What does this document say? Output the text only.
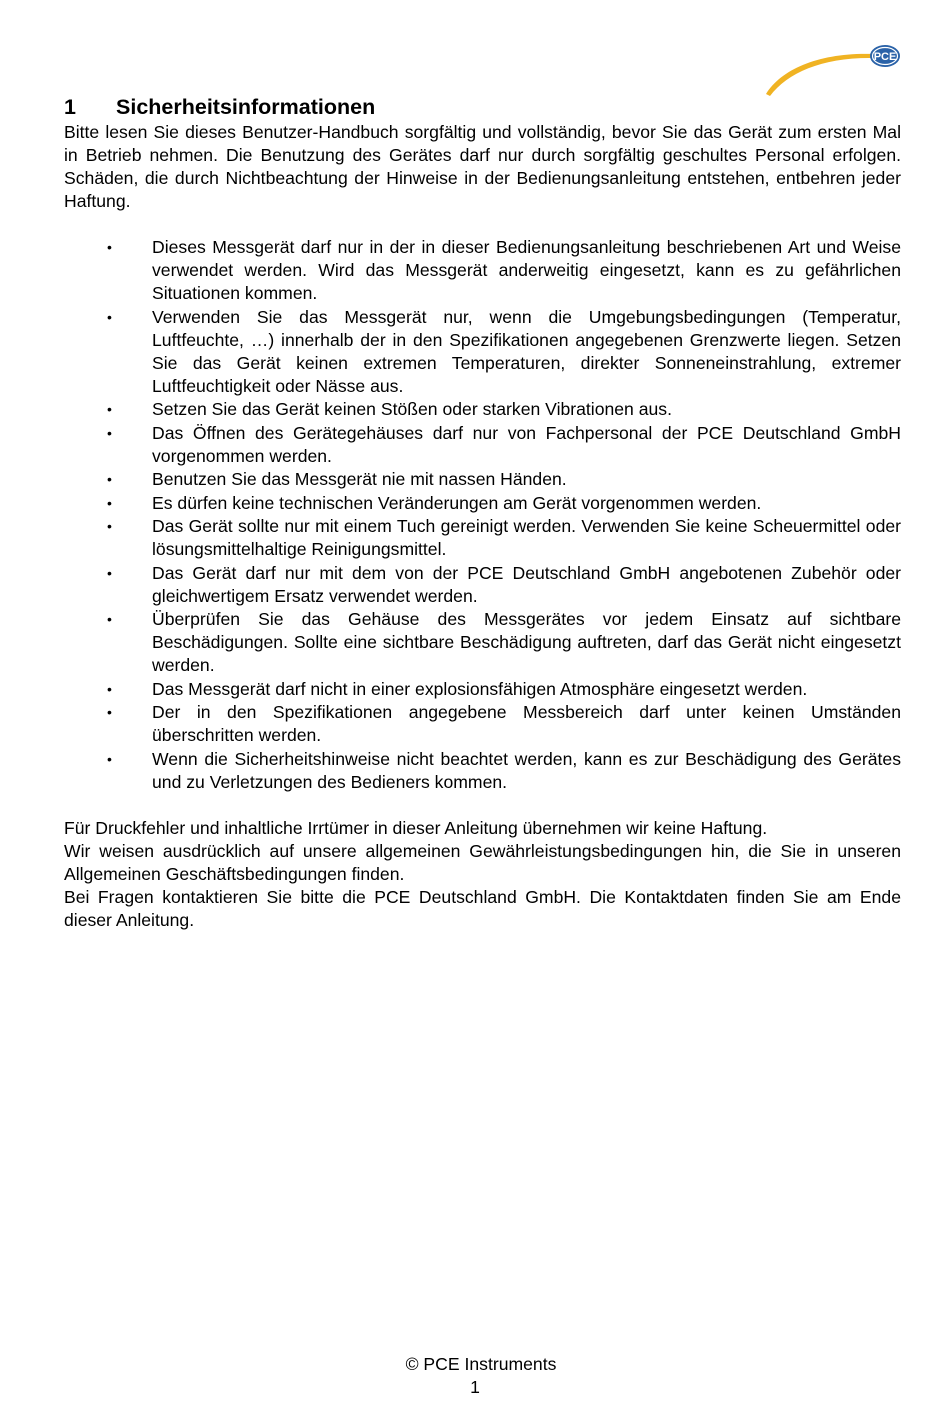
PCE
1	Sicherheitsinformationen

Bitte lesen Sie dieses Benutzer-Handbuch sorgfältig und vollständig, bevor Sie das Gerät zum ersten Mal in Betrieb nehmen. Die Benutzung des Gerätes darf nur durch sorgfältig geschultes Personal erfolgen. Schäden, die durch Nichtbeachtung der Hinweise in der Bedienungsanleitung entstehen, entbehren jeder Haftung.

• Dieses Messgerät darf nur in der in dieser Bedienungsanleitung beschriebenen Art und Weise verwendet werden. Wird das Messgerät anderweitig eingesetzt, kann es zu gefährlichen Situationen kommen.
• Verwenden Sie das Messgerät nur, wenn die Umgebungsbedingungen (Temperatur, Luftfeuchte, …) innerhalb der in den Spezifikationen angegebenen Grenzwerte liegen. Setzen Sie das Gerät keinen extremen Temperaturen, direkter Sonneneinstrahlung, extremer Luftfeuchtigkeit oder Nässe aus.
• Setzen Sie das Gerät keinen Stößen oder starken Vibrationen aus.
• Das Öffnen des Gerätegehäuses darf nur von Fachpersonal der PCE Deutschland GmbH vorgenommen werden.
• Benutzen Sie das Messgerät nie mit nassen Händen.
• Es dürfen keine technischen Veränderungen am Gerät vorgenommen werden.
• Das Gerät sollte nur mit einem Tuch gereinigt werden. Verwenden Sie keine Scheuermittel oder lösungsmittelhaltige Reinigungsmittel.
• Das Gerät darf nur mit dem von der PCE Deutschland GmbH angebotenen Zubehör oder gleichwertigem Ersatz verwendet werden.
• Überprüfen Sie das Gehäuse des Messgerätes vor jedem Einsatz auf sichtbare Beschädigungen. Sollte eine sichtbare Beschädigung auftreten, darf das Gerät nicht eingesetzt werden.
• Das Messgerät darf nicht in einer explosionsfähigen Atmosphäre eingesetzt werden.
• Der in den Spezifikationen angegebene Messbereich darf unter keinen Umständen überschritten werden.
• Wenn die Sicherheitshinweise nicht beachtet werden, kann es zur Beschädigung des Gerätes und zu Verletzungen des Bedieners kommen.

Für Druckfehler und inhaltliche Irrtümer in dieser Anleitung übernehmen wir keine Haftung.

Wir weisen ausdrücklich auf unsere allgemeinen Gewährleistungsbedingungen hin, die Sie in unseren Allgemeinen Geschäftsbedingungen finden.

Bei Fragen kontaktieren Sie bitte die PCE Deutschland GmbH. Die Kontaktdaten finden Sie am Ende dieser Anleitung.

© PCE Instruments
1
